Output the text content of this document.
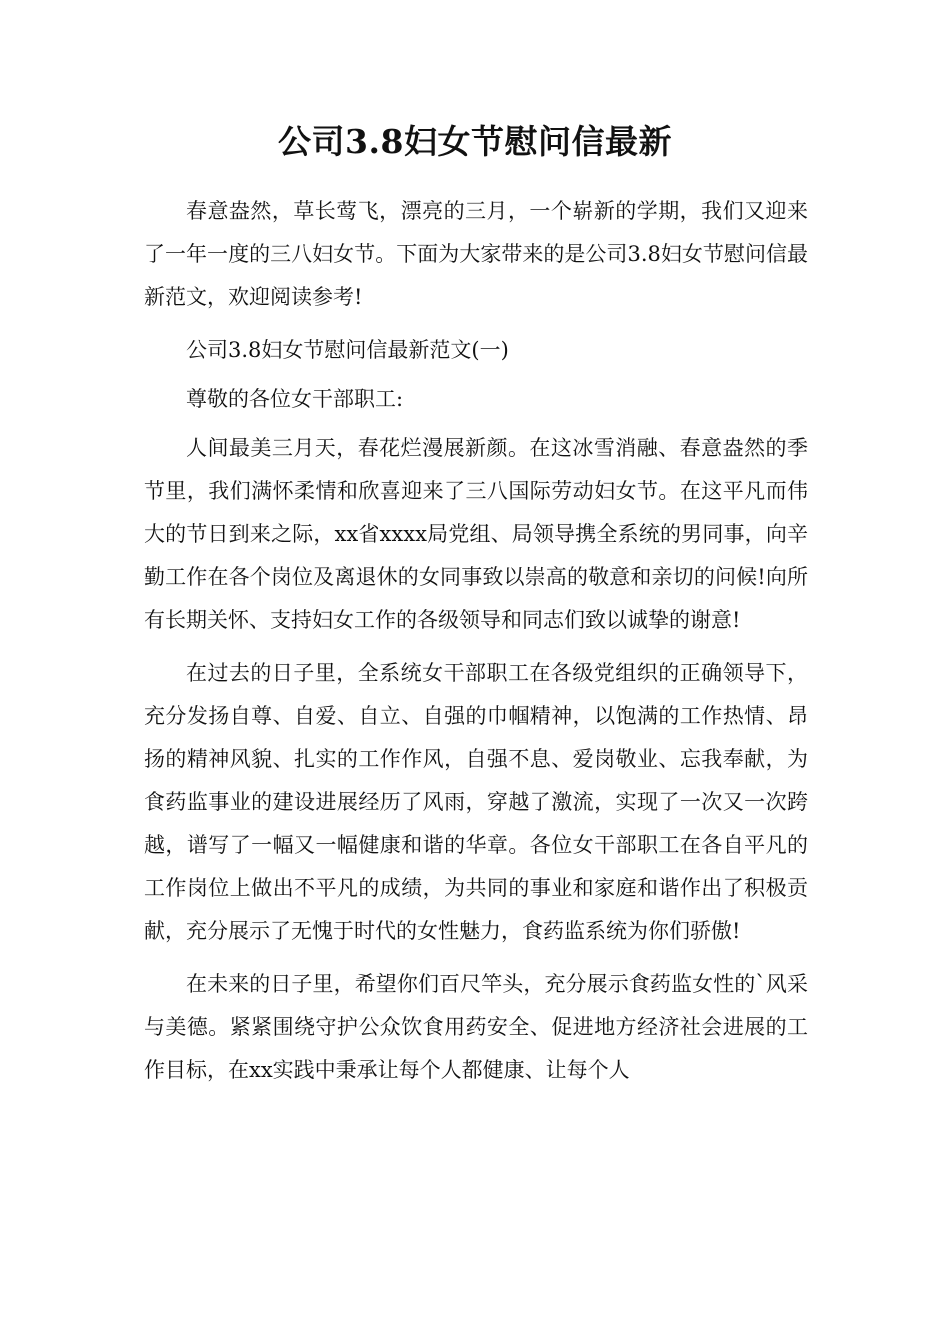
公司3.8妇女节慰问信最新

春意盎然，草长莺飞，漂亮的三月，一个崭新的学期，我们又迎来了一年一度的三八妇女节。下面为大家带来的是公司3.8妇女节慰问信最新范文，欢迎阅读参考!

公司3.8妇女节慰问信最新范文(一)

尊敬的各位女干部职工:

人间最美三月天，春花烂漫展新颜。在这冰雪消融、春意盎然的季节里，我们满怀柔情和欣喜迎来了三八国际劳动妇女节。在这平凡而伟大的节日到来之际，xx省xxxx局党组、局领导携全系统的男同事，向辛勤工作在各个岗位及离退休的女同事致以崇高的敬意和亲切的问候!向所有长期关怀、支持妇女工作的各级领导和同志们致以诚挚的谢意!

在过去的日子里，全系统女干部职工在各级党组织的正确领导下，充分发扬自尊、自爱、自立、自强的巾帼精神，以饱满的工作热情、昂扬的精神风貌、扎实的工作作风，自强不息、爱岗敬业、忘我奉献，为食药监事业的建设进展经历了风雨，穿越了激流，实现了一次又一次跨越，谱写了一幅又一幅健康和谐的华章。各位女干部职工在各自平凡的工作岗位上做出不平凡的成绩，为共同的事业和家庭和谐作出了积极贡献，充分展示了无愧于时代的女性魅力，食药监系统为你们骄傲!

在未来的日子里，希望你们百尺竿头，充分展示食药监女性的`风采与美德。紧紧围绕守护公众饮食用药安全、促进地方经济社会进展的工作目标，在xx实践中秉承让每个人都健康、让每个人
